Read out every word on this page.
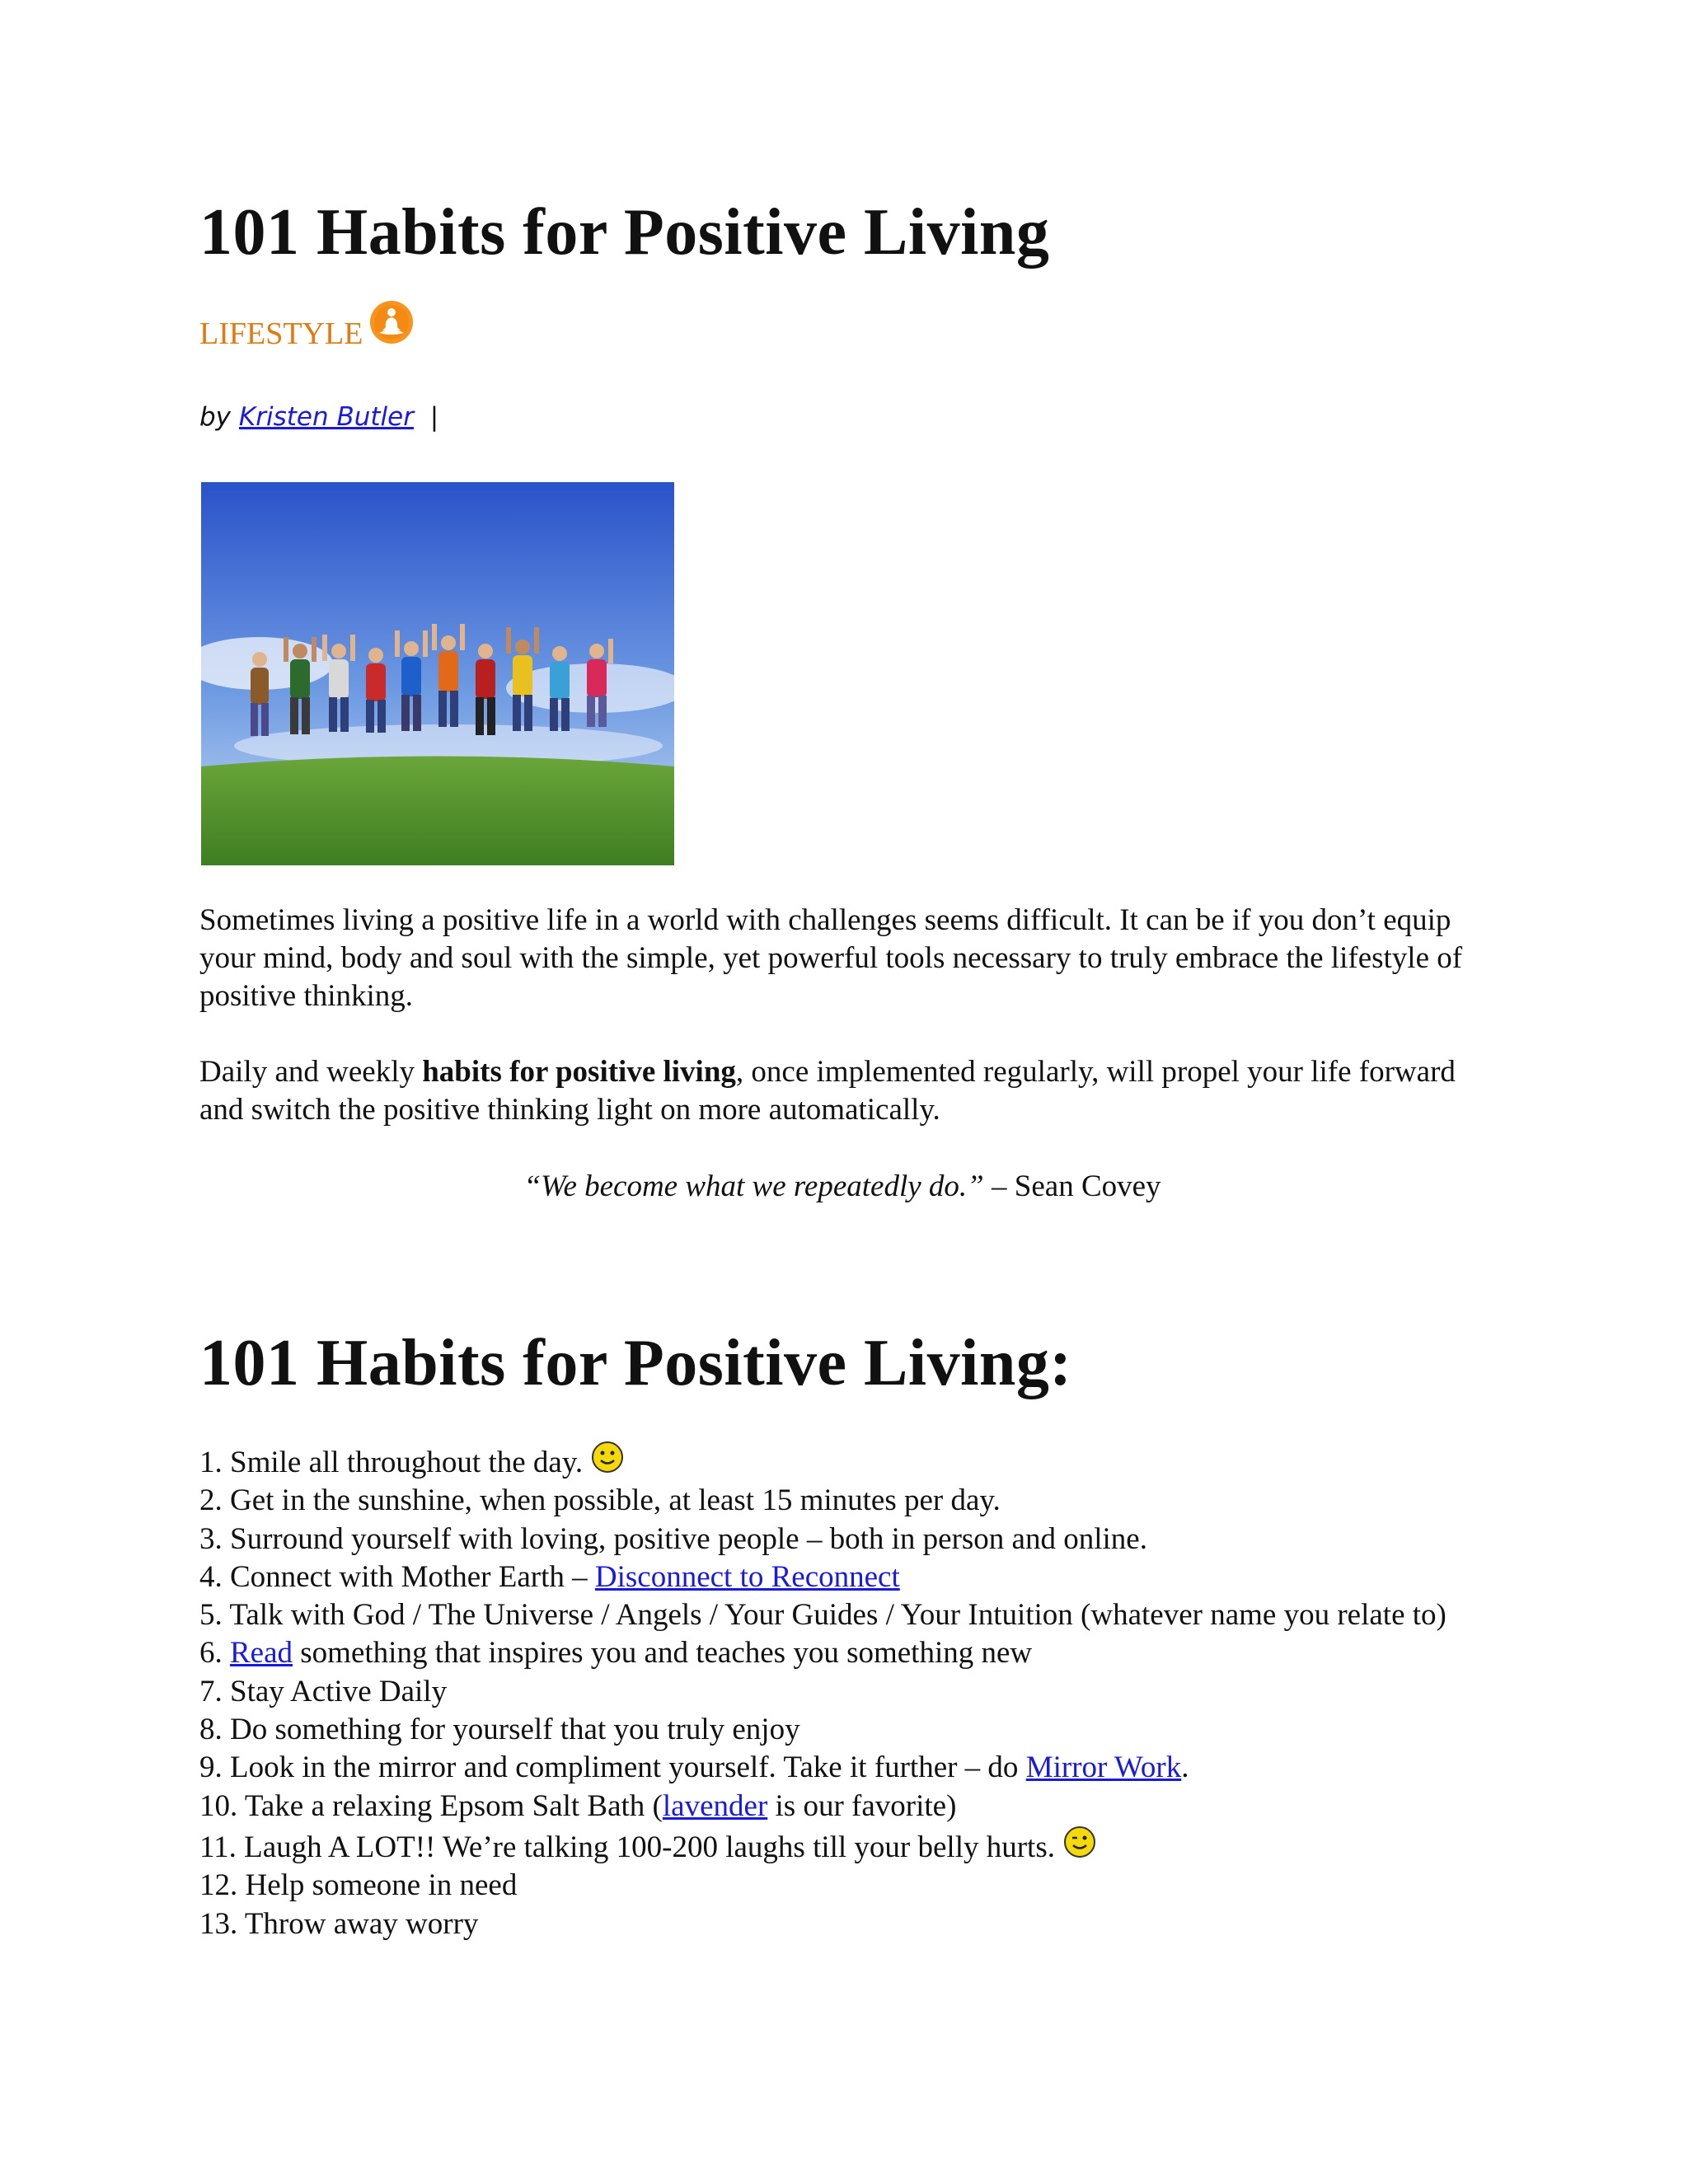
101 Habits for Positive Living
LIFESTYLE
by Kristen Butler |

Sometimes living a positive life in a world with challenges seems difficult. It can be if you don’t equip your mind, body and soul with the simple, yet powerful tools necessary to truly embrace the lifestyle of positive thinking.

Daily and weekly habits for positive living, once implemented regularly, will propel your life forward and switch the positive thinking light on more automatically.

“We become what we repeatedly do.” – Sean Covey
101 Habits for Positive Living:
1. Smile all throughout the day.
2. Get in the sunshine, when possible, at least 15 minutes per day.
3. Surround yourself with loving, positive people – both in person and online.
4. Connect with Mother Earth – Disconnect to Reconnect
5. Talk with God / The Universe / Angels / Your Guides / Your Intuition (whatever name you relate to)
6. Read something that inspires you and teaches you something new
7. Stay Active Daily
8. Do something for yourself that you truly enjoy
9. Look in the mirror and compliment yourself. Take it further – do Mirror Work.
10. Take a relaxing Epsom Salt Bath (lavender is our favorite)
11. Laugh A LOT!! We’re talking 100-200 laughs till your belly hurts.
12. Help someone in need
13. Throw away worry
